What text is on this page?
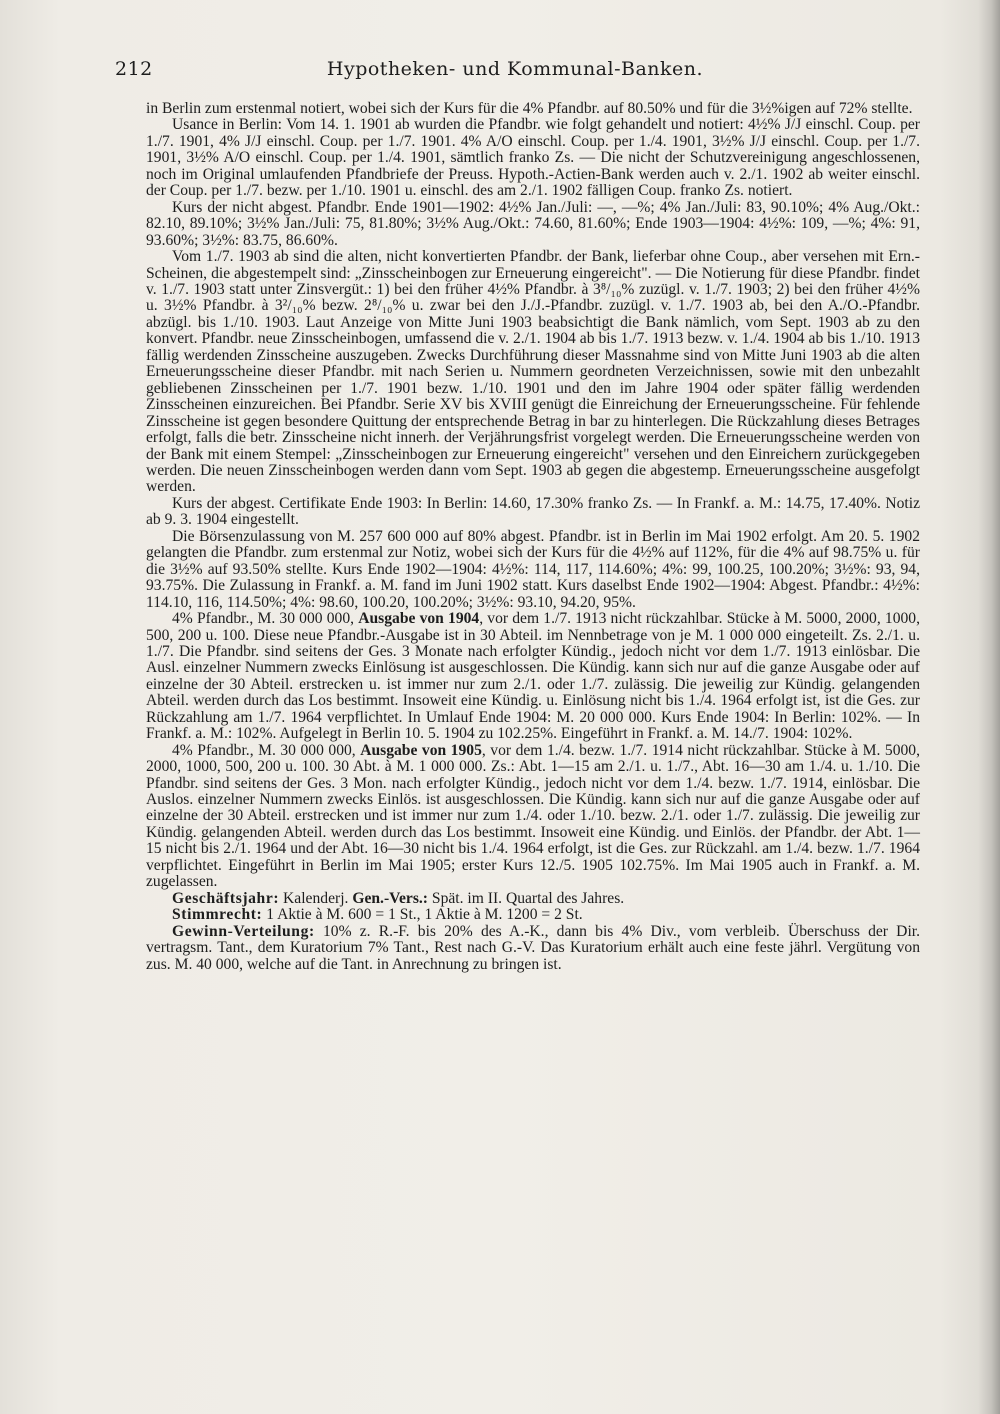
212	Hypotheken- und Kommunal-Banken.

in Berlin zum erstenmal notiert, wobei sich der Kurs für die 4% Pfandbr. auf 80.50% und für die 3½%igen auf 72% stellte.

Usance in Berlin: Vom 14. 1. 1901 ab wurden die Pfandbr. wie folgt gehandelt und notiert: 4½% J/J einschl. Coup. per 1./7. 1901, 4% J/J einschl. Coup. per 1./7. 1901. 4% A/O einschl. Coup. per 1./4. 1901, 3½% J/J einschl. Coup. per 1./7. 1901, 3½% A/O einschl. Coup. per 1./4. 1901, sämtlich franko Zs. — Die nicht der Schutzvereinigung angeschlossenen, noch im Original umlaufenden Pfandbriefe der Preuss. Hypoth.-Actien-Bank werden auch v. 2./1. 1902 ab weiter einschl. der Coup. per 1./7. bezw. per 1./10. 1901 u. einschl. des am 2./1. 1902 fälligen Coup. franko Zs. notiert.

Kurs der nicht abgest. Pfandbr. Ende 1901—1902: 4½% Jan./Juli: —, —%; 4% Jan./Juli: 83, 90.10%; 4% Aug./Okt.: 82.10, 89.10%; 3½% Jan./Juli: 75, 81.80%; 3½% Aug./Okt.: 74.60, 81.60%; Ende 1903—1904: 4½%: 109, —%; 4%: 91, 93.60%; 3½%: 83.75, 86.60%.

Vom 1./7. 1903 ab sind die alten, nicht konvertierten Pfandbr. der Bank, lieferbar ohne Coup., aber versehen mit Ern.-Scheinen, die abgestempelt sind: „Zinsscheinbogen zur Erneuerung eingereicht". — Die Notierung für diese Pfandbr. findet v. 1./7. 1903 statt unter Zinsvergüt.: 1) bei den früher 4½% Pfandbr. à 3⁸/₁₀% zuzügl. v. 1./7. 1903; 2) bei den früher 4½% u. 3½% Pfandbr. à 3²/₁₀% bezw. 2⁸/₁₀% u. zwar bei den J./J.-Pfandbr. zuzügl. v. 1./7. 1903 ab, bei den A./O.-Pfandbr. abzügl. bis 1./10. 1903. Laut Anzeige von Mitte Juni 1903 beabsichtigt die Bank nämlich, vom Sept. 1903 ab zu den konvert. Pfandbr. neue Zinsscheinbogen, umfassend die v. 2./1. 1904 ab bis 1./7. 1913 bezw. v. 1./4. 1904 ab bis 1./10. 1913 fällig werdenden Zinsscheine auszugeben. Zwecks Durchführung dieser Massnahme sind von Mitte Juni 1903 ab die alten Erneuerungsscheine dieser Pfandbr. mit nach Serien u. Nummern geordneten Verzeichnissen, sowie mit den unbezahlt gebliebenen Zinsscheinen per 1./7. 1901 bezw. 1./10. 1901 und den im Jahre 1904 oder später fällig werdenden Zinsscheinen einzureichen. Bei Pfandbr. Serie XV bis XVIII genügt die Einreichung der Erneuerungsscheine. Für fehlende Zinsscheine ist gegen besondere Quittung der entsprechende Betrag in bar zu hinterlegen. Die Rückzahlung dieses Betrages erfolgt, falls die betr. Zinsscheine nicht innerh. der Verjährungsfrist vorgelegt werden. Die Erneuerungsscheine werden von der Bank mit einem Stempel: „Zinsscheinbogen zur Erneuerung eingereicht" versehen und den Einreichern zurückgegeben werden. Die neuen Zinsscheinbogen werden dann vom Sept. 1903 ab gegen die abgestemp. Erneuerungsscheine ausgefolgt werden.

Kurs der abgest. Certifikate Ende 1903: In Berlin: 14.60, 17.30% franko Zs. — In Frankf. a. M.: 14.75, 17.40%. Notiz ab 9. 3. 1904 eingestellt.

Die Börsenzulassung von M. 257 600 000 auf 80% abgest. Pfandbr. ist in Berlin im Mai 1902 erfolgt. Am 20. 5. 1902 gelangten die Pfandbr. zum erstenmal zur Notiz, wobei sich der Kurs für die 4½% auf 112%, für die 4% auf 98.75% u. für die 3½% auf 93.50% stellte. Kurs Ende 1902—1904: 4½%: 114, 117, 114.60%; 4%: 99, 100.25, 100.20%; 3½%: 93, 94, 93.75%. Die Zulassung in Frankf. a. M. fand im Juni 1902 statt. Kurs daselbst Ende 1902—1904: Abgest. Pfandbr.: 4½%: 114.10, 116, 114.50%; 4%: 98.60, 100.20, 100.20%; 3½%: 93.10, 94.20, 95%.

4% Pfandbr., M. 30 000 000, Ausgabe von 1904, vor dem 1./7. 1913 nicht rückzahlbar. Stücke à M. 5000, 2000, 1000, 500, 200 u. 100. Diese neue Pfandbr.-Ausgabe ist in 30 Abteil. im Nennbetrage von je M. 1 000 000 eingeteilt. Zs. 2./1. u. 1./7. Die Pfandbr. sind seitens der Ges. 3 Monate nach erfolgter Kündig., jedoch nicht vor dem 1./7. 1913 einlösbar. Die Ausl. einzelner Nummern zwecks Einlösung ist ausgeschlossen. Die Kündig. kann sich nur auf die ganze Ausgabe oder auf einzelne der 30 Abteil. erstrecken u. ist immer nur zum 2./1. oder 1./7. zulässig. Die jeweilig zur Kündig. gelangenden Abteil. werden durch das Los bestimmt. Insoweit eine Kündig. u. Einlösung nicht bis 1./4. 1964 erfolgt ist, ist die Ges. zur Rückzahlung am 1./7. 1964 verpflichtet. In Umlauf Ende 1904: M. 20 000 000. Kurs Ende 1904: In Berlin: 102%. — In Frankf. a. M.: 102%. Aufgelegt in Berlin 10. 5. 1904 zu 102.25%. Eingeführt in Frankf. a. M. 14./7. 1904: 102%.

4% Pfandbr., M. 30 000 000, Ausgabe von 1905, vor dem 1./4. bezw. 1./7. 1914 nicht rückzahlbar. Stücke à M. 5000, 2000, 1000, 500, 200 u. 100. 30 Abt. à M. 1 000 000. Zs.: Abt. 1—15 am 2./1. u. 1./7., Abt. 16—30 am 1./4. u. 1./10. Die Pfandbr. sind seitens der Ges. 3 Mon. nach erfolgter Kündig., jedoch nicht vor dem 1./4. bezw. 1./7. 1914, einlösbar. Die Auslos. einzelner Nummern zwecks Einlös. ist ausgeschlossen. Die Kündig. kann sich nur auf die ganze Ausgabe oder auf einzelne der 30 Abteil. erstrecken und ist immer nur zum 1./4. oder 1./10. bezw. 2./1. oder 1./7. zulässig. Die jeweilig zur Kündig. gelangenden Abteil. werden durch das Los bestimmt. Insoweit eine Kündig. und Einlös. der Pfandbr. der Abt. 1—15 nicht bis 2./1. 1964 und der Abt. 16—30 nicht bis 1./4. 1964 erfolgt, ist die Ges. zur Rückzahl. am 1./4. bezw. 1./7. 1964 verpflichtet. Eingeführt in Berlin im Mai 1905; erster Kurs 12./5. 1905 102.75%. Im Mai 1905 auch in Frankf. a. M. zugelassen.

Geschäftsjahr: Kalenderj. Gen.-Vers.: Spät. im II. Quartal des Jahres.

Stimmrecht: 1 Aktie à M. 600 = 1 St., 1 Aktie à M. 1200 = 2 St.

Gewinn-Verteilung: 10% z. R.-F. bis 20% des A.-K., dann bis 4% Div., vom verbleib. Überschuss der Dir. vertragsm. Tant., dem Kuratorium 7% Tant., Rest nach G.-V. Das Kuratorium erhält auch eine feste jährl. Vergütung von zus. M. 40 000, welche auf die Tant. in Anrechnung zu bringen ist.
